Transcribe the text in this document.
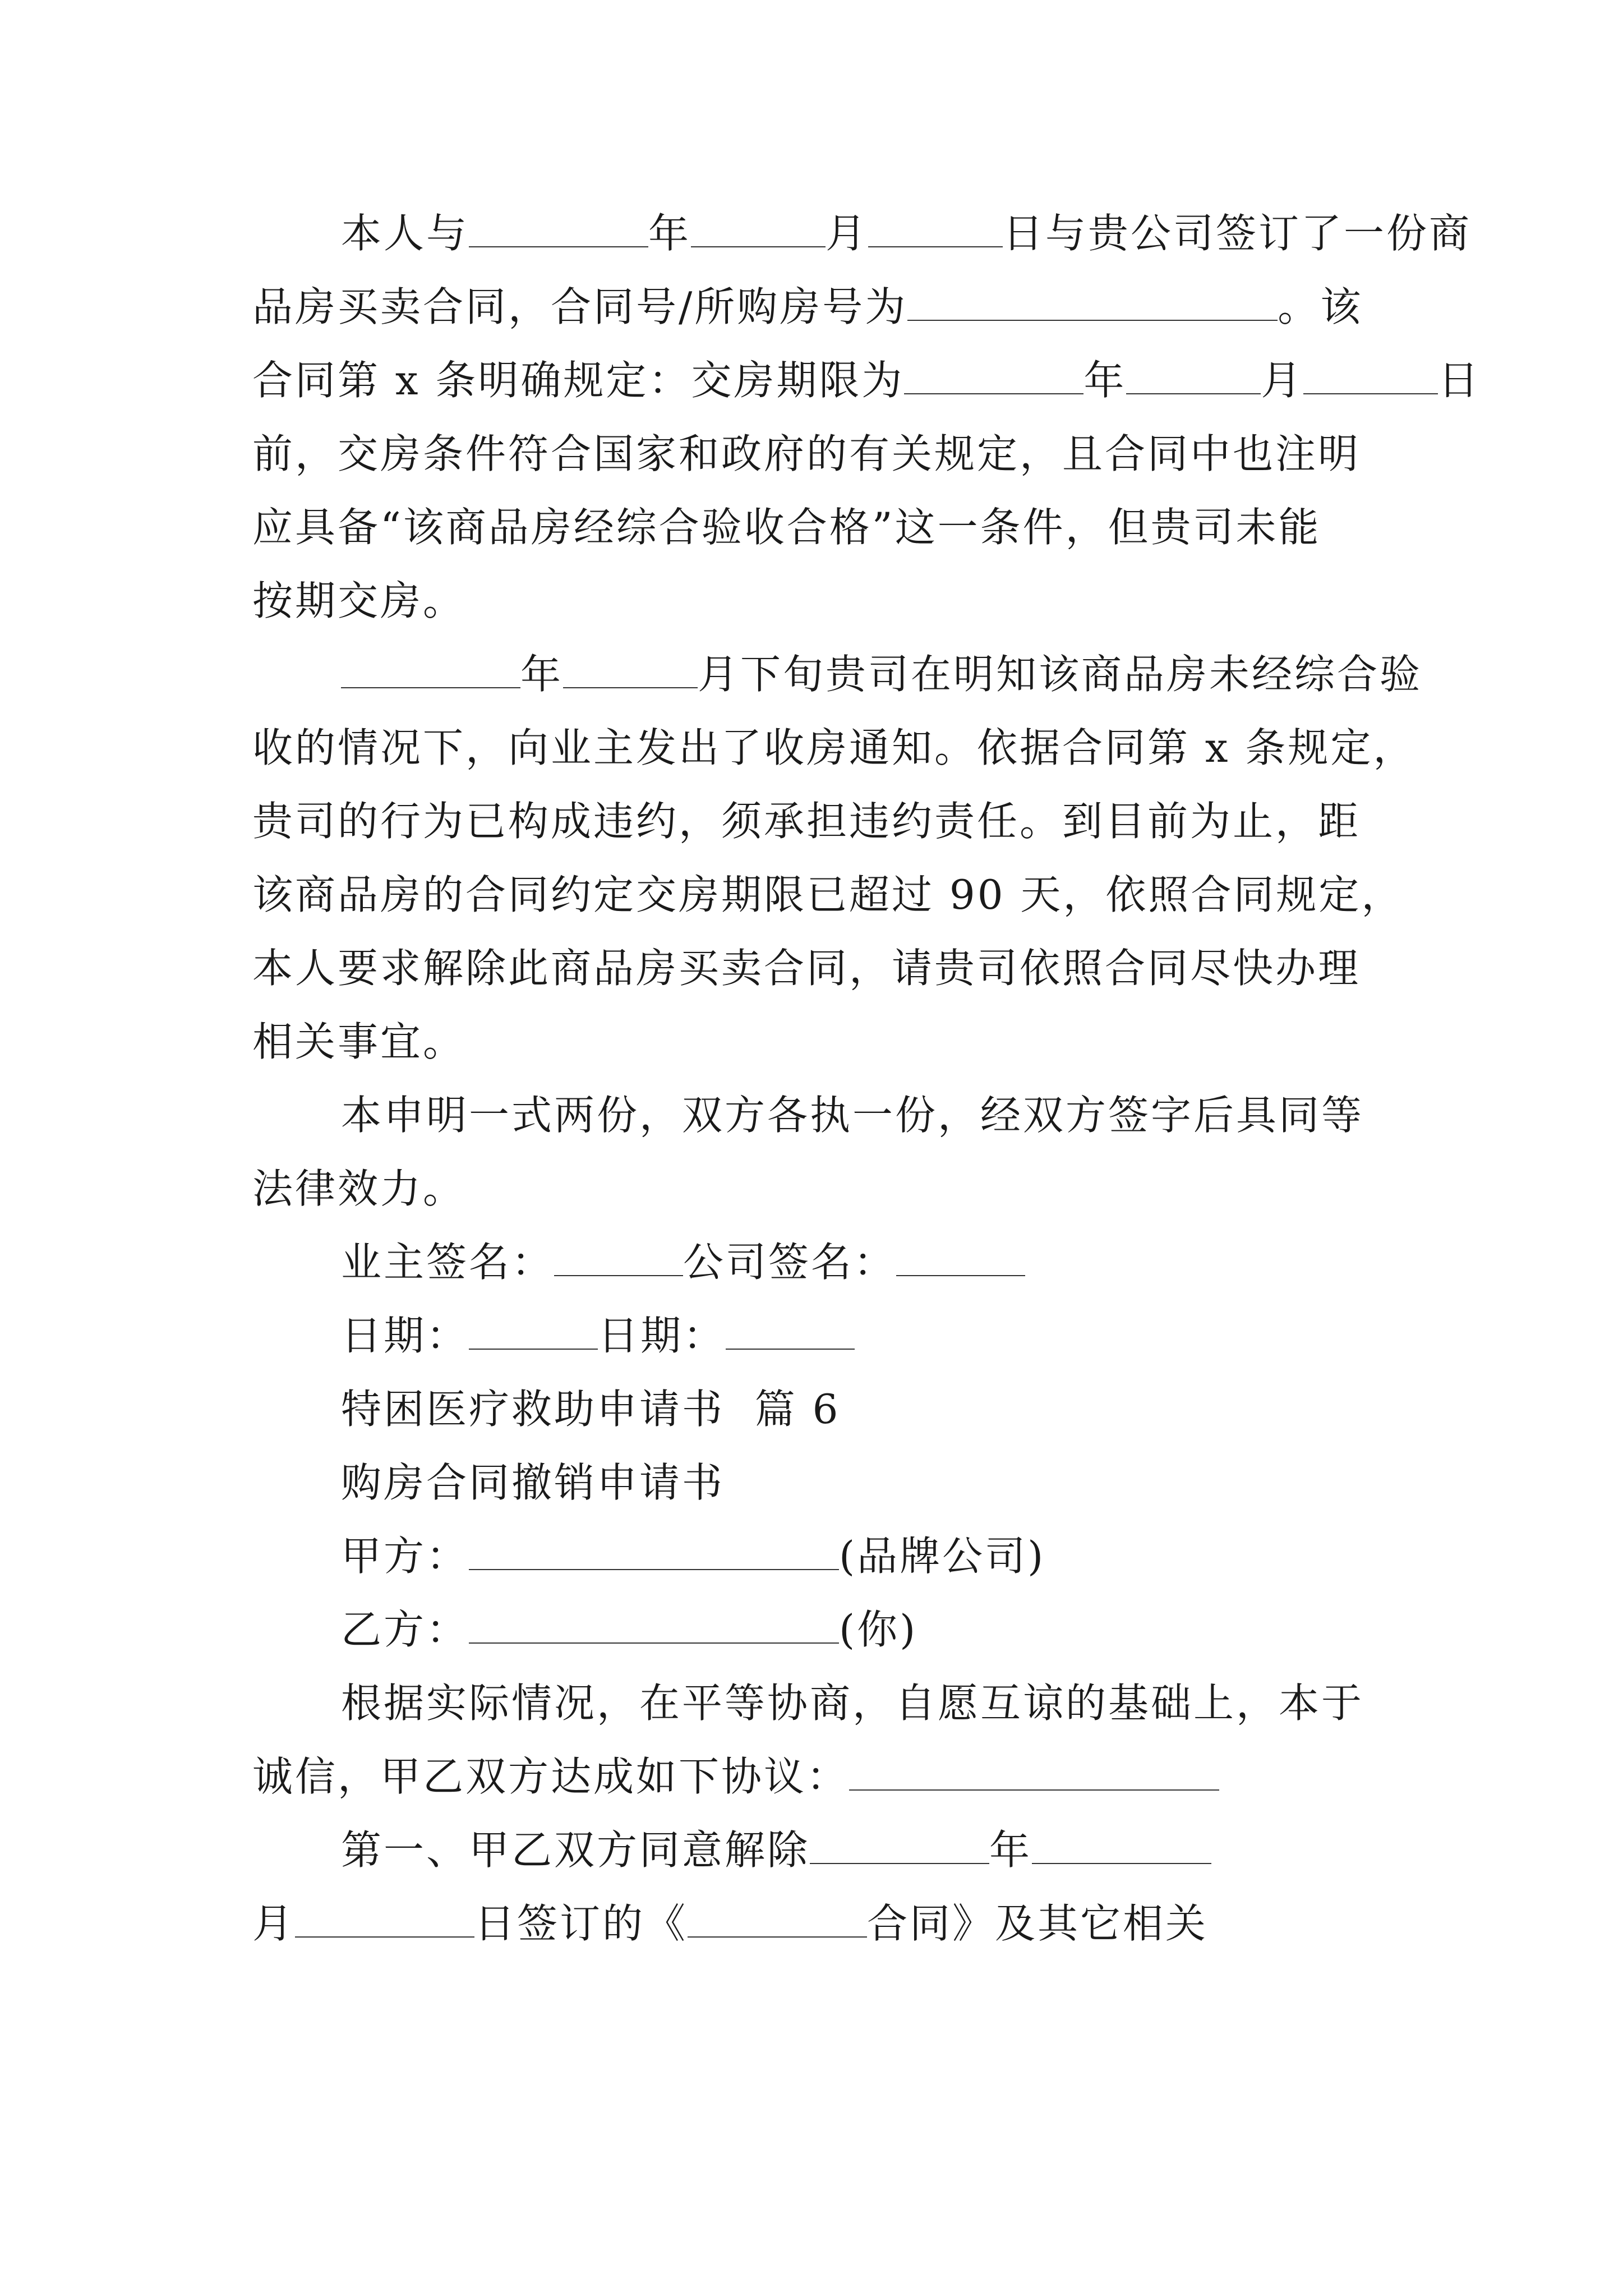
本人与	年	月	日与贵公司签订了一份商
品房买卖合同，合同号/所购房号为	。该
合同第 x 条明确规定：交房期限为	年	月	日
前，交房条件符合国家和政府的有关规定，且合同中也注明
应具备“该商品房经综合验收合格”这一条件，但贵司未能
按期交房。
年	月下旬贵司在明知该商品房未经综合验
收的情况下，向业主发出了收房通知。依据合同第 x 条规定，
贵司的行为已构成违约，须承担违约责任。到目前为止，距
该商品房的合同约定交房期限已超过 90 天，依照合同规定，
本人要求解除此商品房买卖合同，请贵司依照合同尽快办理
相关事宜。
本申明一式两份，双方各执一份，经双方签字后具同等
法律效力。
业主签名：	公司签名：
日期：	日期：
特困医疗救助申请书  篇 6
购房合同撤销申请书
甲方：	(品牌公司)
乙方：	(你)
根据实际情况，在平等协商，自愿互谅的基础上，本于
诚信，甲乙双方达成如下协议：
第一、甲乙双方同意解除	年
月	日签订的《	合同》及其它相关
